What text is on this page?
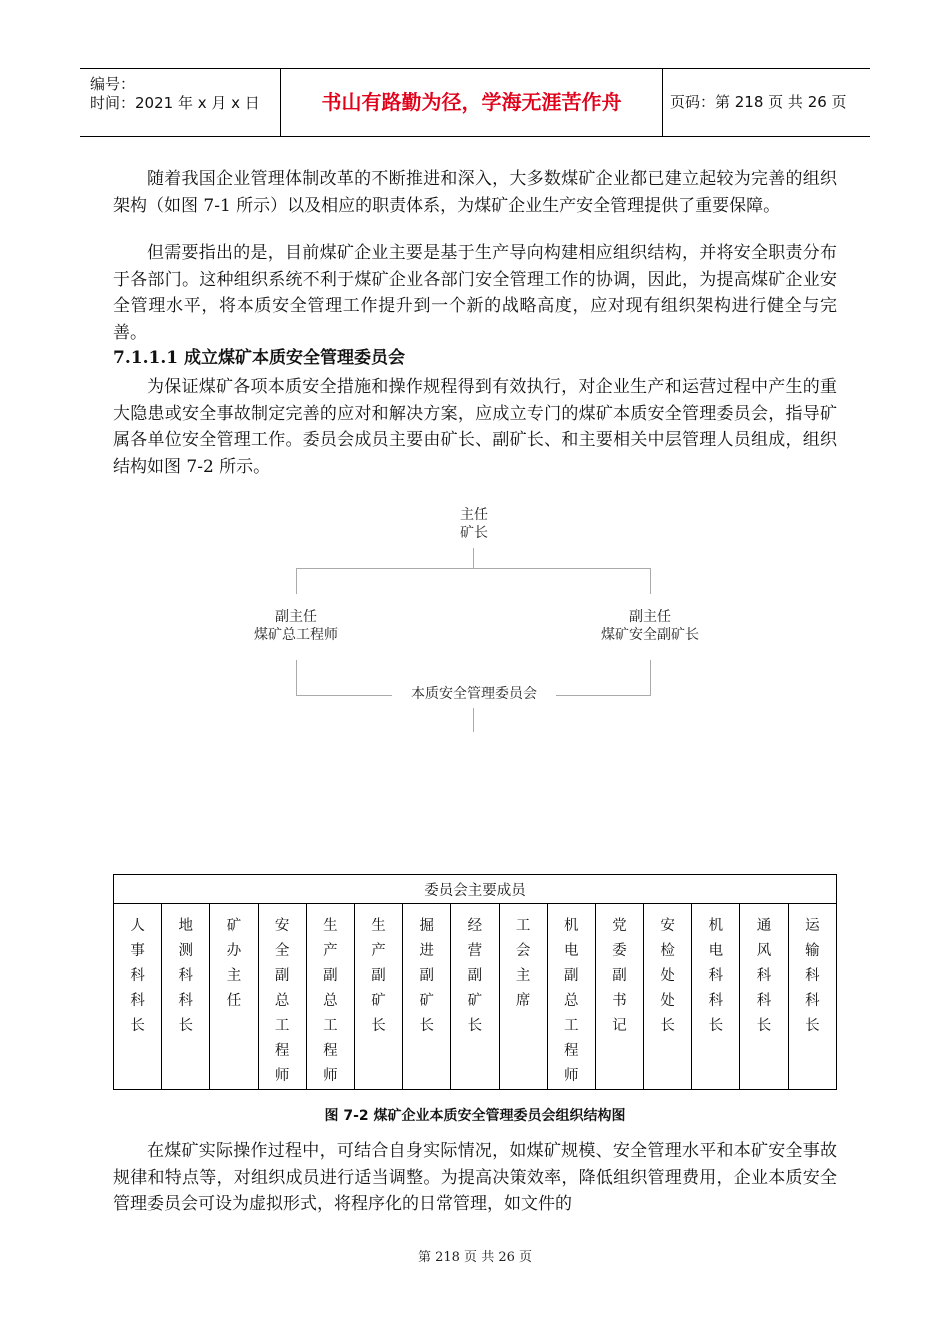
编号：
时间：2021 年 x 月 x 日	书山有路勤为径，学海无涯苦作舟	页码：第 218 页 共 26 页

随着我国企业管理体制改革的不断推进和深入，大多数煤矿企业都已建立起较为完善的组织架构（如图 7-1 所示）以及相应的职责体系，为煤矿企业生产安全管理提供了重要保障。

但需要指出的是，目前煤矿企业主要是基于生产导向构建相应组织结构，并将安全职责分布于各部门。这种组织系统不利于煤矿企业各部门安全管理工作的协调，因此，为提高煤矿企业安全管理水平，将本质安全管理工作提升到一个新的战略高度，应对现有组织架构进行健全与完善。

7.1.1.1 成立煤矿本质安全管理委员会

为保证煤矿各项本质安全措施和操作规程得到有效执行，对企业生产和运营过程中产生的重大隐患或安全事故制定完善的应对和解决方案，应成立专门的煤矿本质安全管理委员会，指导矿属各单位安全管理工作。委员会成员主要由矿长、副矿长、和主要相关中层管理人员组成，组织结构如图 7-2 所示。

主任
矿长
副主任
煤矿总工程师
副主任
煤矿安全副矿长
本质安全管理委员会
委员会主要成员

人事科科长

地测科科长

矿办主任

安全副总工程师

生产副总工程师

生产副矿长

掘进副矿长

经营副矿长

工会主席

机电副总工程师

党委副书记

安检处处长

机电科科长

通风科科长

运输科科长
图 7-2 煤矿企业本质安全管理委员会组织结构图

在煤矿实际操作过程中，可结合自身实际情况，如煤矿规模、安全管理水平和本矿安全事故规律和特点等，对组织成员进行适当调整。为提高决策效率，降低组织管理费用，企业本质安全管理委员会可设为虚拟形式，将程序化的日常管理，如文件的

第 218 页 共 26 页
